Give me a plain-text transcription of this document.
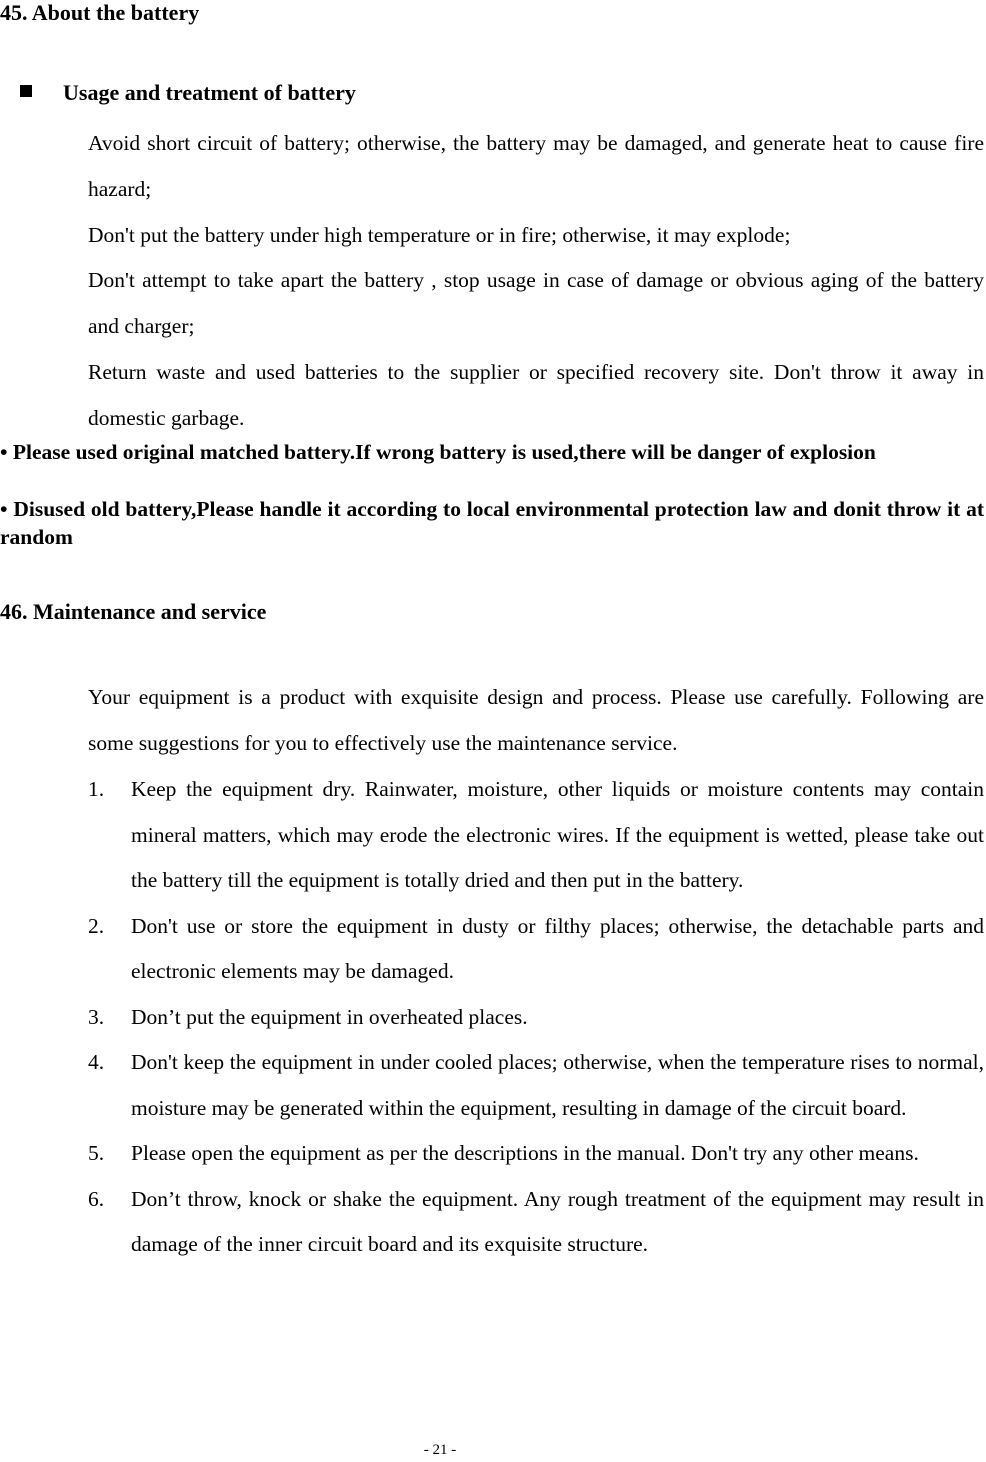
45. About the battery
Usage and treatment of battery
Avoid short circuit of battery; otherwise, the battery may be damaged, and generate heat to cause fire hazard;
Don't put the battery under high temperature or in fire; otherwise, it may explode;
Don't attempt to take apart the battery , stop usage in case of damage or obvious aging of the battery and charger;
Return waste and used batteries to the supplier or specified recovery site. Don't throw it away in domestic garbage.
• Please used original matched battery.If wrong battery is used,there will be danger of explosion
• Disused old battery,Please handle it according to local environmental protection law and donit throw it at random
46. Maintenance and service
Your equipment is a product with exquisite design and process. Please use carefully. Following are some suggestions for you to effectively use the maintenance service.
1. Keep the equipment dry. Rainwater, moisture, other liquids or moisture contents may contain mineral matters, which may erode the electronic wires. If the equipment is wetted, please take out the battery till the equipment is totally dried and then put in the battery.
2. Don't use or store the equipment in dusty or filthy places; otherwise, the detachable parts and electronic elements may be damaged.
3. Don’t put the equipment in overheated places.
4. Don't keep the equipment in under cooled places; otherwise, when the temperature rises to normal, moisture may be generated within the equipment, resulting in damage of the circuit board.
5. Please open the equipment as per the descriptions in the manual. Don't try any other means.
6. Don’t throw, knock or shake the equipment. Any rough treatment of the equipment may result in damage of the inner circuit board and its exquisite structure.
- 21 -
